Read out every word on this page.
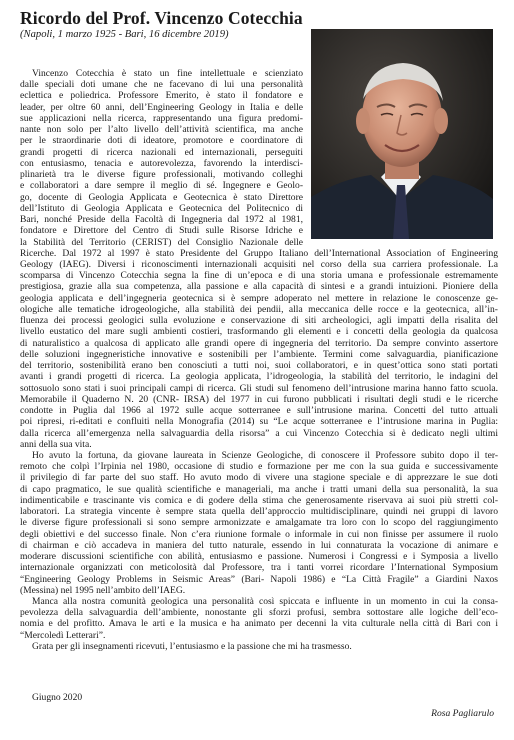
Ricordo del Prof. Vincenzo Cotecchia

(Napoli, 1 marzo 1925 - Bari, 16 dicembre 2019)

Vincenzo Cotecchia è stato un fine intellettuale e scienziato
dalle speciali doti umane che ne facevano di lui una personalità
eclettica e poliedrica. Professore Emerito, è stato il fondatore e
leader, per oltre 60 anni, dell’Engineering Geology in Italia e delle
sue applicazioni nella ricerca, rappresentando una figura predomi-
nante non solo per l’alto livello dell’attività scientifica, ma anche
per le straordinarie doti di ideatore, promotore e coordinatore di
grandi progetti di ricerca nazionali ed internazionali, perseguiti
con entusiasmo, tenacia e autorevolezza, favorendo la interdisci-
plinarietà tra le diverse figure professionali, motivando colleghi
e collaboratori a dare sempre il meglio di sé. Ingegnere e Geolo-
go, docente di Geologia Applicata e Geotecnica è stato Direttore
dell’Istituto di Geologia Applicata e Geotecnica del Politecnico di
Bari, nonché Preside della Facoltà di Ingegneria dal 1972 al 1981,
fondatore e Direttore del Centro di Studi sulle Risorse Idriche e
la Stabilità del Territorio (CERIST) del Consiglio Nazionale delle
Ricerche. Dal 1972 al 1997 è stato Presidente del Gruppo Italiano dell’International Association of Engineering
Geology (IAEG). Diversi i riconoscimenti internazionali acquisiti nel corso della sua carriera professionale. La
scomparsa di Vincenzo Cotecchia segna la fine di un’epoca e di una storia umana e professionale estremamente
prestigiosa, grazie alla sua competenza, alla passione e alla capacità di sintesi e a grandi intuizioni. Pioniere della
geologia applicata e dell’ingegneria geotecnica si è sempre adoperato nel mettere in relazione le conoscenze ge-
ologiche alle tematiche idrogeologiche, alla stabilità dei pendii, alla meccanica delle rocce e la geotecnica, all’in-
fluenza dei processi geologici sulla evoluzione e conservazione di siti archeologici, agli impatti della risalita del
livello eustatico del mare sugli ambienti costieri, trasformando gli elementi e i concetti della geologia da qualcosa
di naturalistico a qualcosa di applicato alle grandi opere di ingegneria del territorio. Da sempre convinto assertore
delle soluzioni ingegneristiche innovative e sostenibili per l’ambiente. Termini come salvaguardia, pianificazione
del territorio, sostenibilità erano ben conosciuti a tutti noi, suoi collaboratori, e in quest’ottica sono stati portati
avanti i grandi progetti di ricerca. La geologia applicata, l’idrogeologia, la stabilità del territorio, le indagini del
sottosuolo sono stati i suoi principali campi di ricerca. Gli studi sul fenomeno dell’intrusione marina hanno fatto scuola.
Memorabile il Quaderno N. 20 (CNR- IRSA) del 1977 in cui furono pubblicati i risultati degli studi e le ricerche
condotte in Puglia dal 1966 al 1972 sulle acque sotterranee e sull’intrusione marina. Concetti del tutto attuali
poi ripresi, ri-editati e confluiti nella Monografia (2014) su “Le acque sotterranee e l’intrusione marina in Puglia:
dalla ricerca all’emergenza nella salvaguardia della risorsa” a cui Vincenzo Cotecchia si è dedicato negli ultimi
anni della sua vita.
Ho avuto la fortuna, da giovane laureata in Scienze Geologiche, di conoscere il Professore subito dopo il ter-
remoto che colpì l’Irpinia nel 1980, occasione di studio e formazione per me con la sua guida e successivamente
il privilegio di far parte del suo staff. Ho avuto modo di vivere una stagione speciale e di apprezzare le sue doti
di capo pragmatico, le sue qualità scientifiche e manageriali, ma anche i tratti umani della sua personalità, la sua
indimenticabile e trascinante vis comica e di godere della stima che generosamente riservava ai suoi più stretti col-
laboratori. La strategia vincente è sempre stata quella dell’approccio multidisciplinare, quindi nei gruppi di lavoro
le diverse figure professionali si sono sempre armonizzate e amalgamate tra loro con lo scopo del raggiungimento
degli obiettivi e del successo finale. Non c’era riunione formale o informale in cui non finisse per assumere il ruolo
di chairman e ciò accadeva in maniera del tutto naturale, essendo in lui connaturata la vocazione di animare e
moderare discussioni scientifiche con abilità, entusiasmo e passione. Numerosi i Congressi e i Symposia a livello
internazionale organizzati con meticolosità dal Professore, tra i tanti vorrei ricordare l’International Symposium
“Engineering Geology Problems in Seismic Areas” (Bari- Napoli 1986) e “La Città Fragile” a Giardini Naxos
(Messina) nel 1995 nell’ambito dell’IAEG.
Manca alla nostra comunità geologica una personalità così spiccata e influente in un momento in cui la consa-
pevolezza della salvaguardia dell’ambiente, nonostante gli sforzi profusi, sembra sottostare alle logiche dell’eco-
nomia e del profitto. Amava le arti e la musica e ha animato per decenni la vita culturale nella città di Bari con i
“Mercoledì Letterari”.
Grata per gli insegnamenti ricevuti, l’entusiasmo e la passione che mi ha trasmesso.
Giugno 2020
Rosa Pagliarulo
